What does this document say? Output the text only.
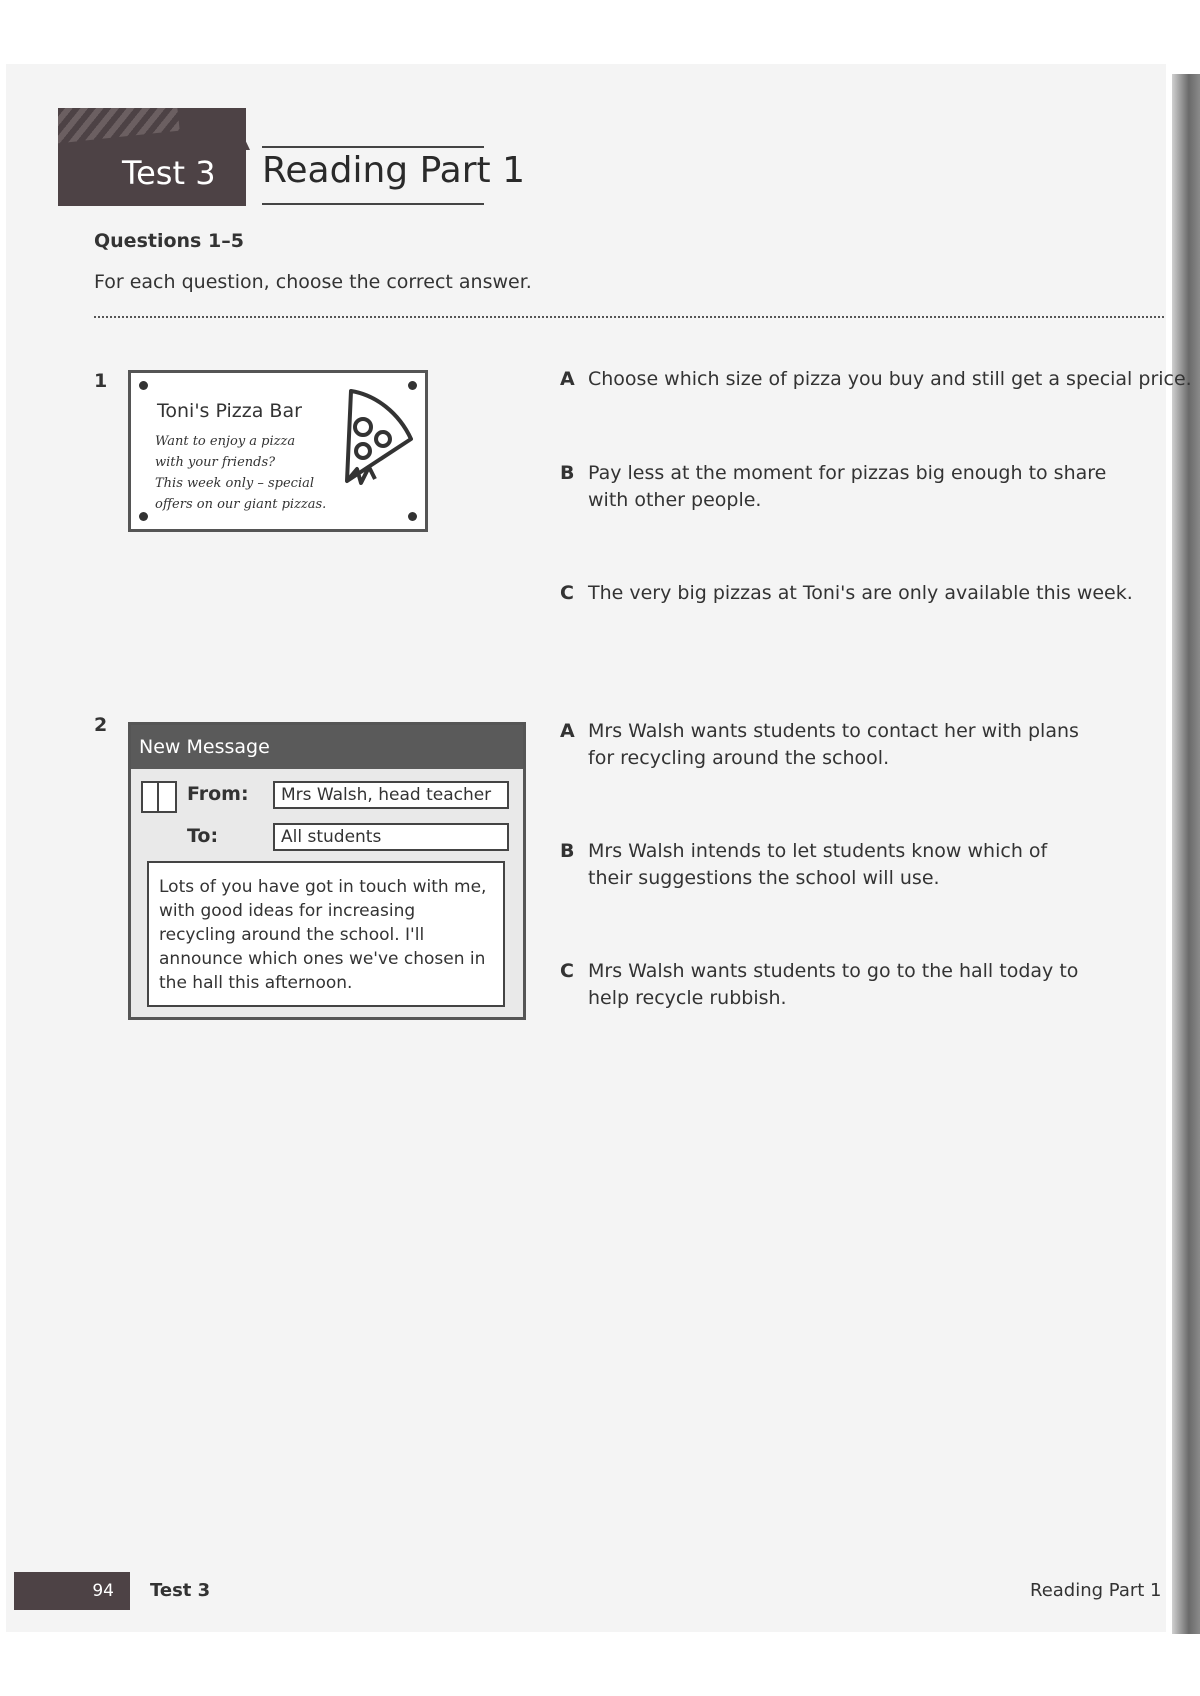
Test 3 Reading Part 1
Questions 1–5
For each question, choose the correct answer.
1
Toni's Pizza Bar
Want to enjoy a pizza
with your friends?
This week only – special
offers on our giant pizzas.
A Choose which size of pizza you buy and still get a special price.
B Pay less at the moment for pizzas big enough to share with other people.
C The very big pizzas at Toni's are only available this week.
2
New Message
From:	Mrs Walsh, head teacher
To:	All students
Lots of you have got in touch with me, with good ideas for increasing recycling around the school. I'll announce which ones we've chosen in the hall this afternoon.
A Mrs Walsh wants students to contact her with plans for recycling around the school.
B Mrs Walsh intends to let students know which of their suggestions the school will use.
C Mrs Walsh wants students to go to the hall today to help recycle rubbish.
94 Test 3	Reading Part 1
